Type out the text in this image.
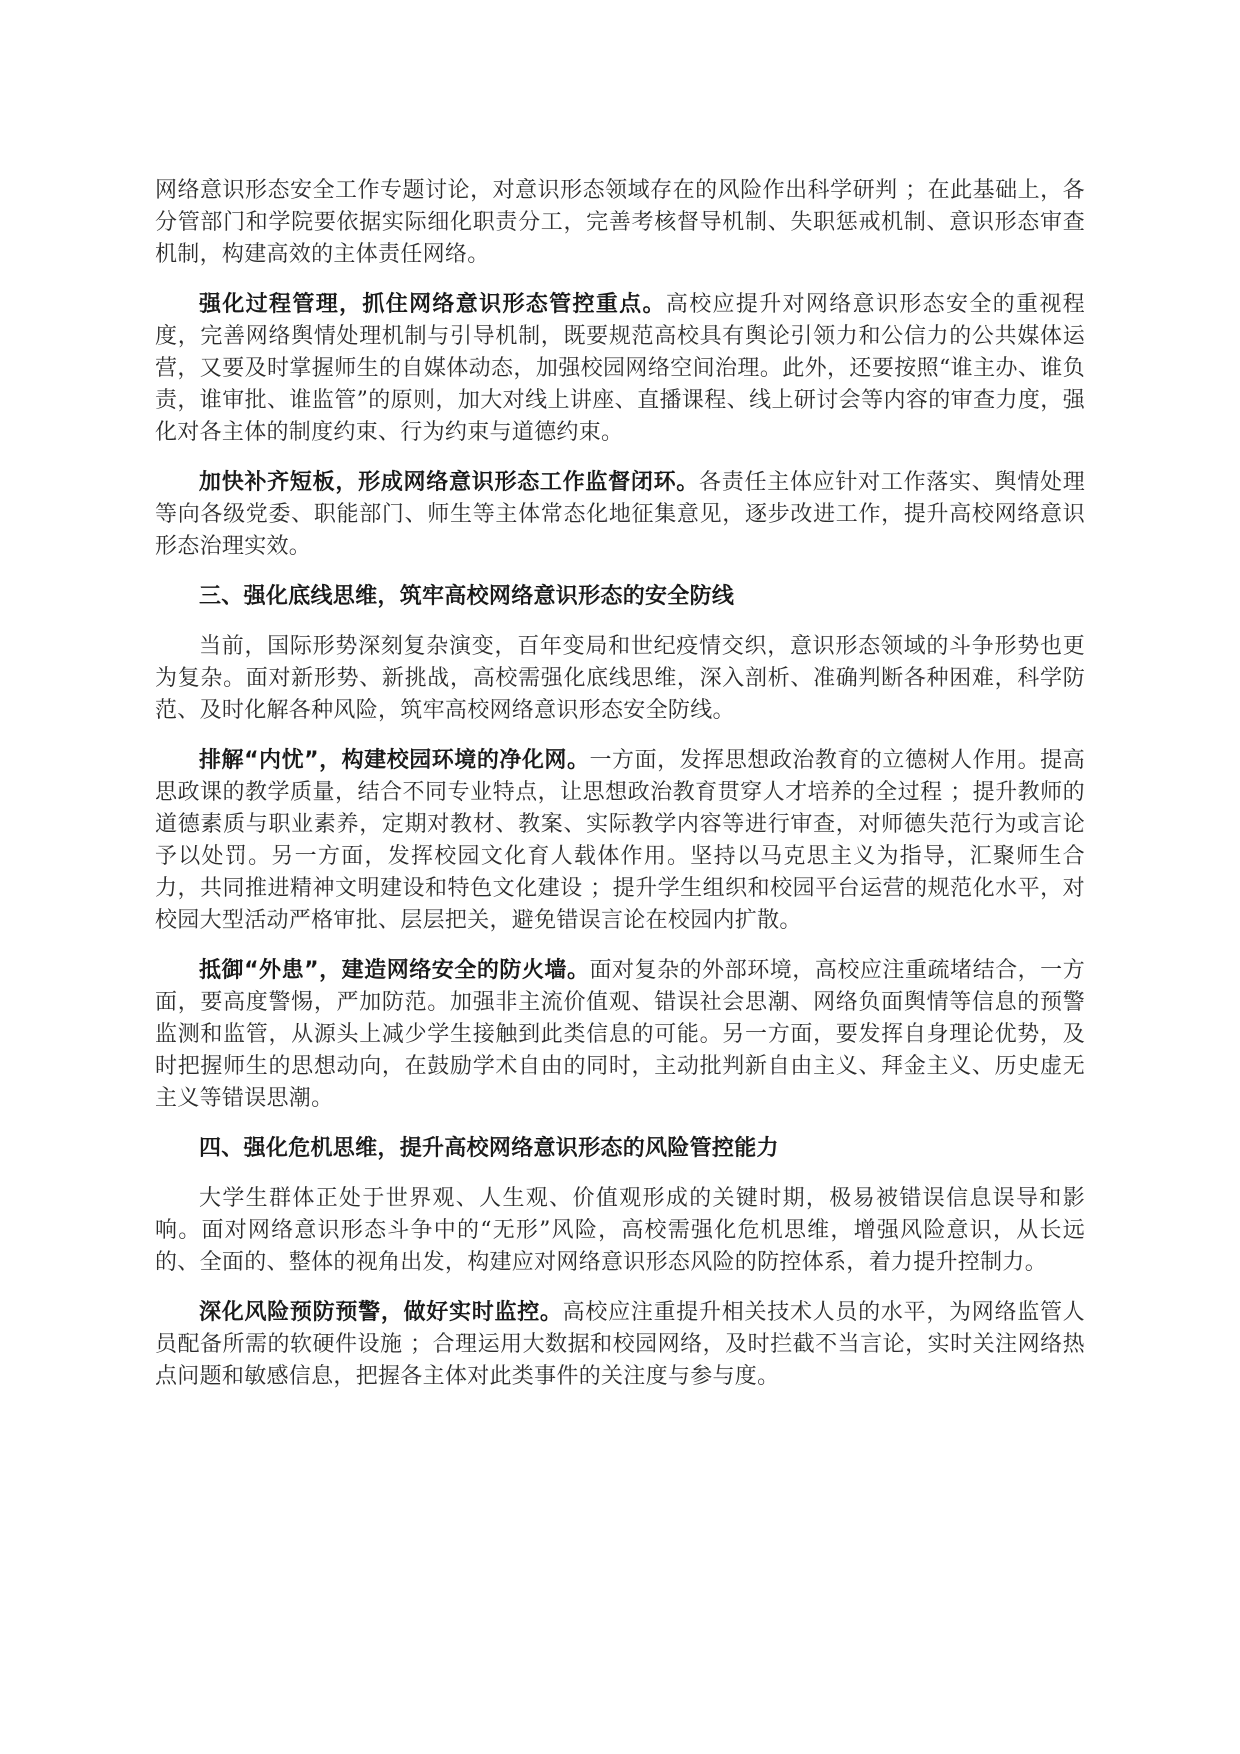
网络意识形态安全工作专题讨论，对意识形态领域存在的风险作出科学研判 ；在此基础上，各分管部门和学院要依据实际细化职责分工，完善考核督导机制、失职惩戒机制、意识形态审查机制，构建高效的主体责任网络。

强化过程管理，抓住网络意识形态管控重点。高校应提升对网络意识形态安全的重视程度，完善网络舆情处理机制与引导机制，既要规范高校具有舆论引领力和公信力的公共媒体运营，又要及时掌握师生的自媒体动态，加强校园网络空间治理。此外，还要按照“谁主办、谁负责，谁审批、谁监管”的原则，加大对线上讲座、直播课程、线上研讨会等内容的审查力度，强化对各主体的制度约束、行为约束与道德约束。

加快补齐短板，形成网络意识形态工作监督闭环。各责任主体应针对工作落实、舆情处理等向各级党委、职能部门、师生等主体常态化地征集意见，逐步改进工作，提升高校网络意识形态治理实效。

三、强化底线思维，筑牢高校网络意识形态的安全防线

当前，国际形势深刻复杂演变，百年变局和世纪疫情交织，意识形态领域的斗争形势也更为复杂。面对新形势、新挑战，高校需强化底线思维，深入剖析、准确判断各种困难，科学防范、及时化解各种风险，筑牢高校网络意识形态安全防线。

排解“内忧”，构建校园环境的净化网。一方面，发挥思想政治教育的立德树人作用。提高思政课的教学质量，结合不同专业特点，让思想政治教育贯穿人才培养的全过程 ；提升教师的道德素质与职业素养，定期对教材、教案、实际教学内容等进行审查，对师德失范行为或言论予以处罚。另一方面，发挥校园文化育人载体作用。坚持以马克思主义为指导，汇聚师生合力，共同推进精神文明建设和特色文化建设 ；提升学生组织和校园平台运营的规范化水平，对校园大型活动严格审批、层层把关，避免错误言论在校园内扩散。

抵御“外患”，建造网络安全的防火墙。面对复杂的外部环境，高校应注重疏堵结合，一方面，要高度警惕，严加防范。加强非主流价值观、错误社会思潮、网络负面舆情等信息的预警监测和监管，从源头上减少学生接触到此类信息的可能。另一方面，要发挥自身理论优势，及时把握师生的思想动向，在鼓励学术自由的同时，主动批判新自由主义、拜金主义、历史虚无主义等错误思潮。

四、强化危机思维，提升高校网络意识形态的风险管控能力

大学生群体正处于世界观、人生观、价值观形成的关键时期，极易被错误信息误导和影响。面对网络意识形态斗争中的“无形”风险，高校需强化危机思维，增强风险意识，从长远的、全面的、整体的视角出发，构建应对网络意识形态风险的防控体系，着力提升控制力。

深化风险预防预警，做好实时监控。高校应注重提升相关技术人员的水平，为网络监管人员配备所需的软硬件设施 ；合理运用大数据和校园网络，及时拦截不当言论，实时关注网络热点问题和敏感信息，把握各主体对此类事件的关注度与参与度。
